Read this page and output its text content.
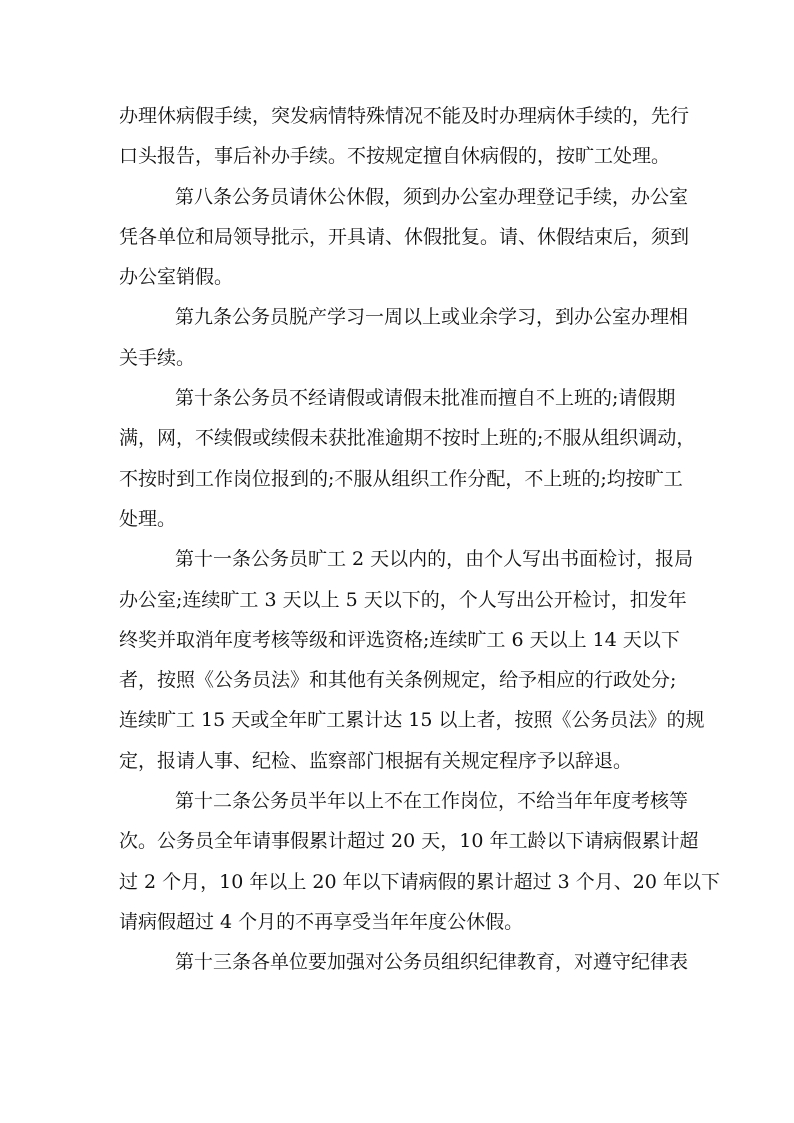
办理休病假手续，突发病情特殊情况不能及时办理病休手续的，先行
口头报告，事后补办手续。不按规定擅自休病假的，按旷工处理。
第八条公务员请休公休假，须到办公室办理登记手续，办公室
凭各单位和局领导批示，开具请、休假批复。请、休假结束后，须到
办公室销假。
第九条公务员脱产学习一周以上或业余学习，到办公室办理相
关手续。
第十条公务员不经请假或请假未批准而擅自不上班的;请假期
满，网，不续假或续假未获批准逾期不按时上班的;不服从组织调动，
不按时到工作岗位报到的;不服从组织工作分配，不上班的;均按旷工
处理。
第十一条公务员旷工 2 天以内的，由个人写出书面检讨，报局
办公室;连续旷工 3 天以上 5 天以下的，个人写出公开检讨，扣发年
终奖并取消年度考核等级和评选资格;连续旷工 6 天以上 14 天以下
者，按照《公务员法》和其他有关条例规定，给予相应的行政处分;
连续旷工 15 天或全年旷工累计达 15 以上者，按照《公务员法》的规
定，报请人事、纪检、监察部门根据有关规定程序予以辞退。
第十二条公务员半年以上不在工作岗位，不给当年年度考核等
次。公务员全年请事假累计超过 20 天，10 年工龄以下请病假累计超
过 2 个月，10 年以上 20 年以下请病假的累计超过 3 个月、20 年以下
请病假超过 4 个月的不再享受当年年度公休假。
第十三条各单位要加强对公务员组织纪律教育，对遵守纪律表
